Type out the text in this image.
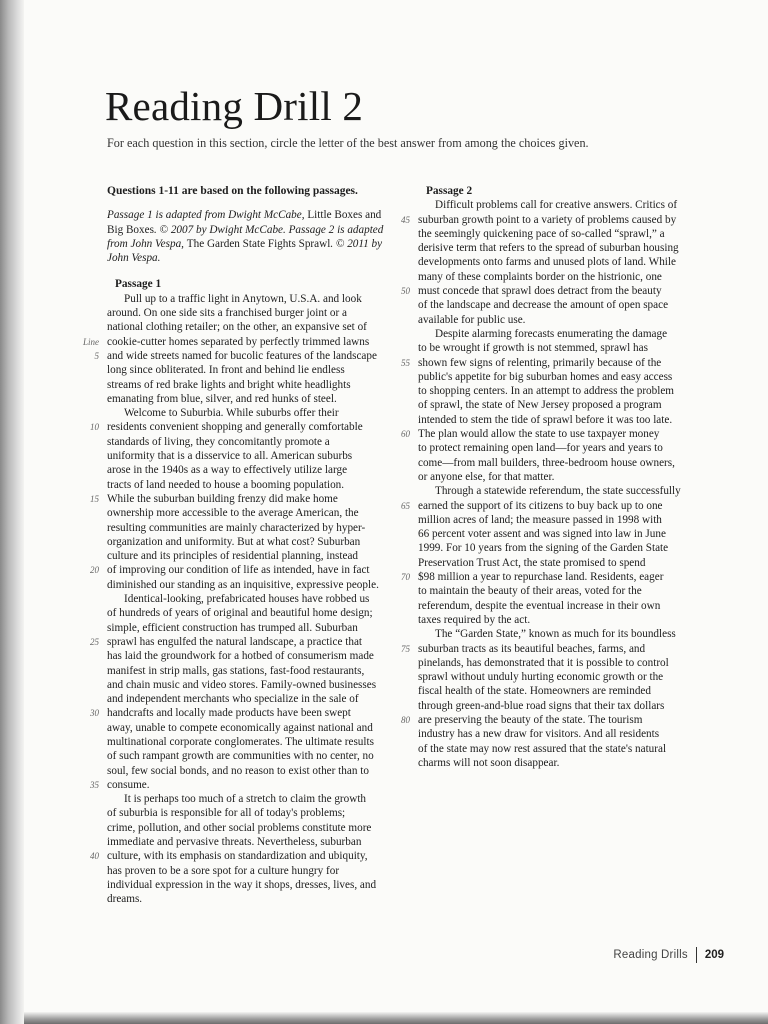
Reading Drill 2

For each question in this section, circle the letter of the best answer from among the choices given.

Questions 1-11 are based on the following passages.

Passage 1 is adapted from Dwight McCabe, Little Boxes and Big Boxes. © 2007 by Dwight McCabe. Passage 2 is adapted from John Vespa, The Garden State Fights Sprawl. © 2011 by John Vespa.

Passage 1

Pull up to a traffic light in Anytown, U.S.A. and look
around. On one side sits a franchised burger joint or a
national clothing retailer; on the other, an expansive set of
Line cookie-cutter homes separated by perfectly trimmed lawns
5 and wide streets named for bucolic features of the landscape
long since obliterated. In front and behind lie endless
streams of red brake lights and bright white headlights
emanating from blue, silver, and red hunks of steel.
Welcome to Suburbia. While suburbs offer their
10 residents convenient shopping and generally comfortable
standards of living, they concomitantly promote a
uniformity that is a disservice to all. American suburbs
arose in the 1940s as a way to effectively utilize large
tracts of land needed to house a booming population.
15 While the suburban building frenzy did make home
ownership more accessible to the average American, the
resulting communities are mainly characterized by hyper-
organization and uniformity. But at what cost? Suburban
culture and its principles of residential planning, instead
20 of improving our condition of life as intended, have in fact
diminished our standing as an inquisitive, expressive people.
Identical-looking, prefabricated houses have robbed us
of hundreds of years of original and beautiful home design;
simple, efficient construction has trumped all. Suburban
25 sprawl has engulfed the natural landscape, a practice that
has laid the groundwork for a hotbed of consumerism made
manifest in strip malls, gas stations, fast-food restaurants,
and chain music and video stores. Family-owned businesses
and independent merchants who specialize in the sale of
30 handcrafts and locally made products have been swept
away, unable to compete economically against national and
multinational corporate conglomerates. The ultimate results
of such rampant growth are communities with no center, no
soul, few social bonds, and no reason to exist other than to
35 consume.
It is perhaps too much of a stretch to claim the growth
of suburbia is responsible for all of today's problems;
crime, pollution, and other social problems constitute more
immediate and pervasive threats. Nevertheless, suburban
40 culture, with its emphasis on standardization and ubiquity,
has proven to be a sore spot for a culture hungry for
individual expression in the way it shops, dresses, lives, and
dreams.

Passage 2

Difficult problems call for creative answers. Critics of
45 suburban growth point to a variety of problems caused by
the seemingly quickening pace of so-called “sprawl,” a
derisive term that refers to the spread of suburban housing
developments onto farms and unused plots of land. While
many of these complaints border on the histrionic, one
50 must concede that sprawl does detract from the beauty
of the landscape and decrease the amount of open space
available for public use.
Despite alarming forecasts enumerating the damage
to be wrought if growth is not stemmed, sprawl has
55 shown few signs of relenting, primarily because of the
public's appetite for big suburban homes and easy access
to shopping centers. In an attempt to address the problem
of sprawl, the state of New Jersey proposed a program
intended to stem the tide of sprawl before it was too late.
60 The plan would allow the state to use taxpayer money
to protect remaining open land—for years and years to
come—from mall builders, three-bedroom house owners,
or anyone else, for that matter.
Through a statewide referendum, the state successfully
65 earned the support of its citizens to buy back up to one
million acres of land; the measure passed in 1998 with
66 percent voter assent and was signed into law in June
1999. For 10 years from the signing of the Garden State
Preservation Trust Act, the state promised to spend
70 $98 million a year to repurchase land. Residents, eager
to maintain the beauty of their areas, voted for the
referendum, despite the eventual increase in their own
taxes required by the act.
The “Garden State,” known as much for its boundless
75 suburban tracts as its beautiful beaches, farms, and
pinelands, has demonstrated that it is possible to control
sprawl without unduly hurting economic growth or the
fiscal health of the state. Homeowners are reminded
through green-and-blue road signs that their tax dollars
80 are preserving the beauty of the state. The tourism
industry has a new draw for visitors. And all residents
of the state may now rest assured that the state's natural
charms will not soon disappear.
Reading Drills 209
